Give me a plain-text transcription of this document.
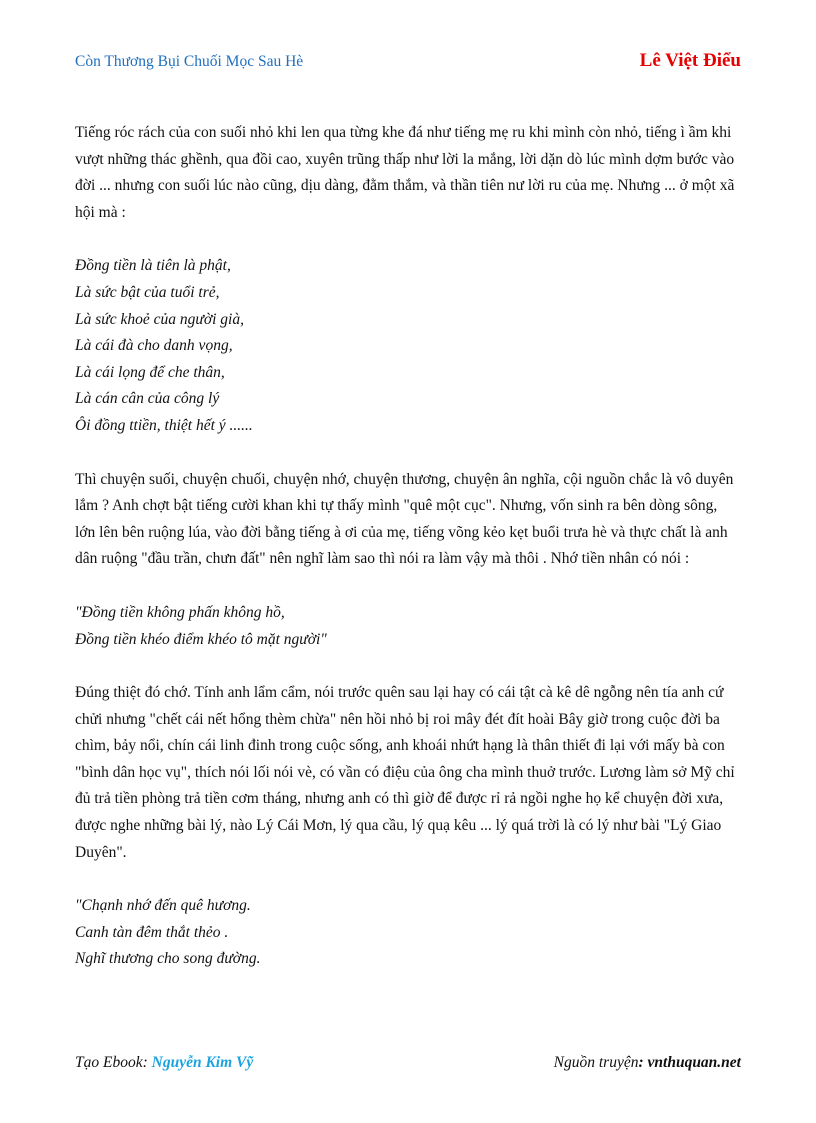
Còn Thương Bụi Chuối Mọc Sau Hè	Lê Việt Điểu

Tiếng róc rách của con suối nhỏ khi len qua từng khe đá như tiếng mẹ ru khi mình còn nhỏ, tiếng ì ầm khi vượt những thác ghềnh, qua đồi cao, xuyên trũng thấp như lời la mắng, lời dặn dò lúc mình dợm bước vào đời ... nhưng con suối lúc nào cũng, dịu dàng, đằm thắm, và thần tiên nư lời ru của mẹ. Nhưng ... ở một xã hội mà :

Đồng tiền là tiên là phật,
Là sức bật của tuổi trẻ,
Là sức khoẻ của người già,
Là cái đà cho danh vọng,
Là cái lọng để che thân,
Là cán cân của công lý
Ôi đồng ttiền, thiệt hết ý ......

Thì chuyện suối, chuyện chuối, chuyện nhớ, chuyện thương, chuyện ân nghĩa, cội nguồn chắc là vô duyên lắm ? Anh chợt bật tiếng cười khan khi tự thấy mình "quê một cục". Nhưng, vốn sinh ra bên dòng sông, lớn lên bên ruộng lúa, vào đời bằng tiếng à ơi của mẹ, tiếng võng kẻo kẹt buổi trưa hè và thực chất là anh dân ruộng "đầu trần, chưn đất" nên nghĩ làm sao thì nói ra làm vậy mà thôi . Nhớ tiền nhân có nói :

"Đồng tiền không phấn không hồ,
Đồng tiền khéo điểm khéo tô mặt người"

Đúng thiệt đó chớ. Tính anh lẩm cẩm, nói trước quên sau lại hay có cái tật cà kê dê ngỗng nên tía anh cứ chửi nhưng "chết cái nết hổng thèm chừa" nên hồi nhỏ bị roi mây đét đít hoài Bây giờ trong cuộc đời ba chìm, bảy nổi, chín cái linh đinh trong cuộc sống, anh khoái nhứt hạng là thân thiết đi lại với mấy bà con "bình dân học vụ", thích nói lối nói vè, có vần có điệu của ông cha mình thuở trước. Lương làm sở Mỹ chỉ đủ trả tiền phòng trả tiền cơm tháng, nhưng anh có thì giờ để được rỉ rả ngồi nghe họ kể chuyện đời xưa, được nghe những bài lý, nào Lý Cái Mơn, lý qua cầu, lý quạ kêu ... lý quá trời là có lý như bài "Lý Giao Duyên".

"Chạnh nhớ đến quê hương.
Canh tàn đêm thắt thẻo .
Nghĩ thương cho song đường.
Tạo Ebook: Nguyễn Kim Vỹ	Nguồn truyện: vnthuquan.net
